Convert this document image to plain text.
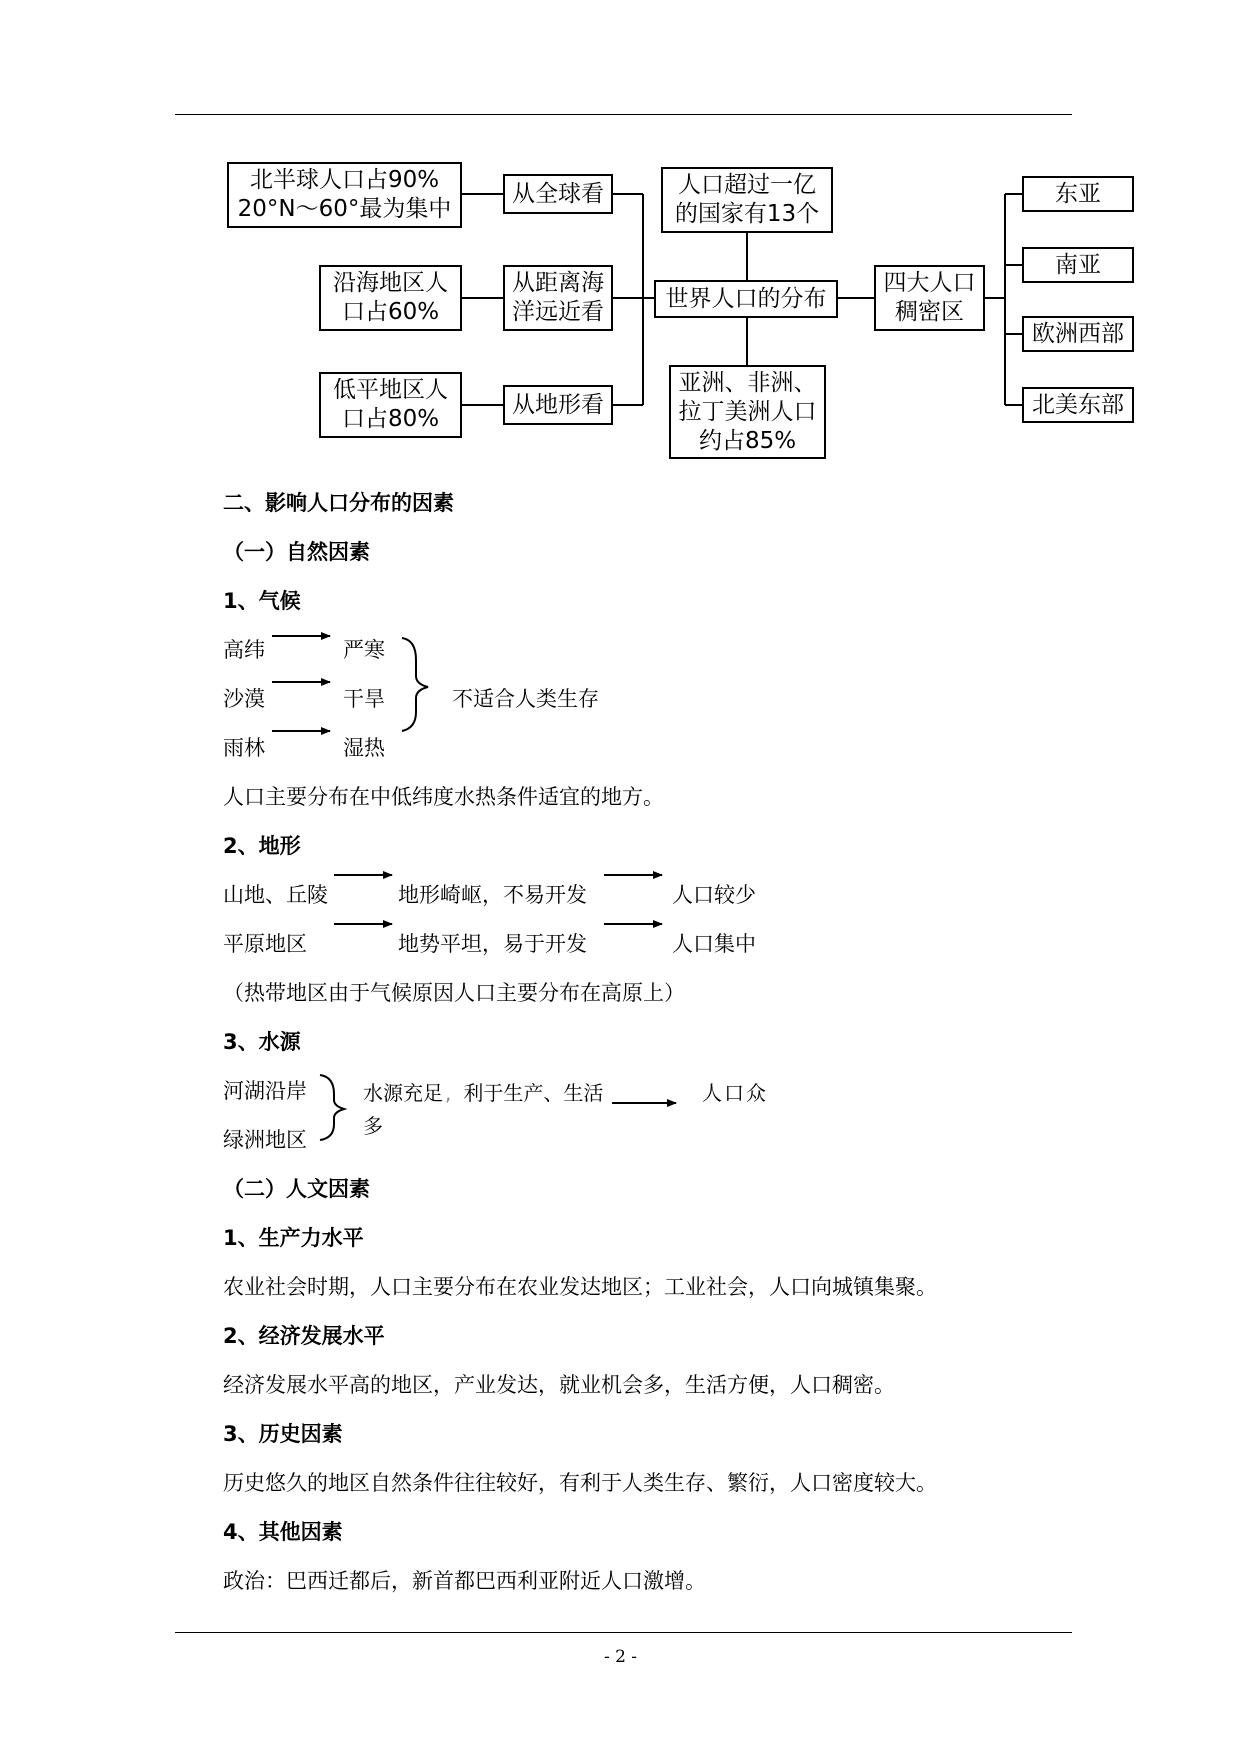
北半球人口占90%
20°N～60°最为集中
从全球看
沿海地区人
口占60%
从距离海
洋远近看
低平地区人
口占80%
从地形看
人口超过一亿
的国家有13个
世界人口的分布
亚洲、非洲、
拉丁美洲人口
约占85%
四大人口
稠密区
东亚
南亚
欧洲西部
北美东部
二、影响人口分布的因素
（一）自然因素
1、气候
高纬	严寒
沙漠	干旱
雨林	湿热
不适合人类生存
人口主要分布在中低纬度水热条件适宜的地方。
2、地形
山地、丘陵	地形崎岖，不易开发	人口较少
平原地区	地势平坦，易于开发	人口集中
（热带地区由于气候原因人口主要分布在高原上）
3、水源
河湖沿岸
绿洲地区
水源充足 , 利于生产、生活
多
人口众
（二）人文因素
1、生产力水平
农业社会时期，人口主要分布在农业发达地区；工业社会，人口向城镇集聚。
2、经济发展水平
经济发展水平高的地区，产业发达，就业机会多，生活方便，人口稠密。
3、历史因素
历史悠久的地区自然条件往往较好，有利于人类生存、繁衍，人口密度较大。
4、其他因素
政治：巴西迁都后，新首都巴西利亚附近人口激增。
- 2 -
